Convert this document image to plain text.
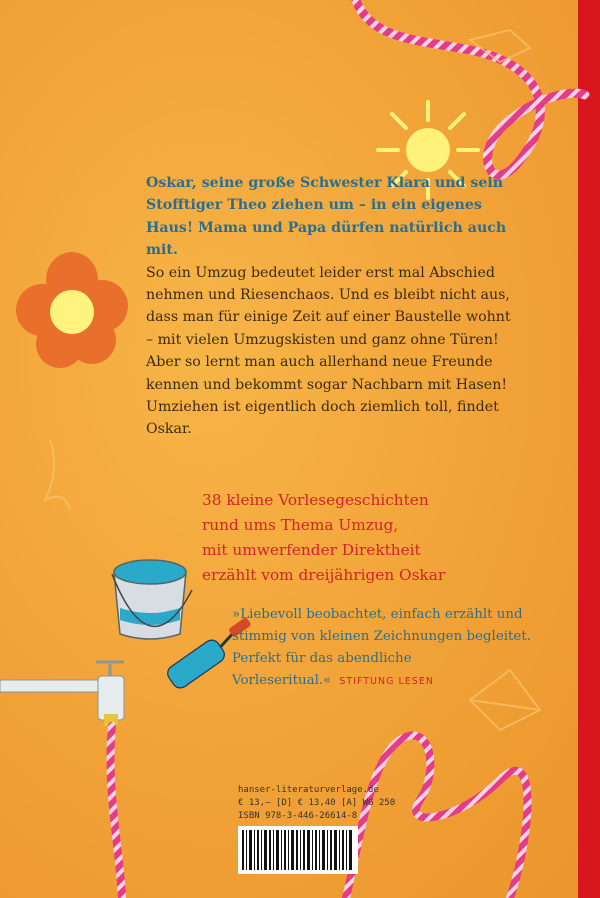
Oskar, seine große Schwester Klara und sein Stofftiger Theo ziehen um – in ein eigenes Haus! Mama und Papa dürfen natürlich auch mit.
So ein Umzug bedeutet leider erst mal Abschied nehmen und Riesenchaos. Und es bleibt nicht aus, dass man für einige Zeit auf einer Baustelle wohnt – mit vielen Umzugskisten und ganz ohne Türen! Aber so lernt man auch allerhand neue Freunde kennen und bekommt sogar Nachbarn mit Hasen! Umziehen ist eigentlich doch ziemlich toll, findet Oskar.
38 kleine Vorlesegeschichten
rund ums Thema Umzug,
mit umwerfender Direktheit
erzählt vom dreijährigen Oskar
»Liebevoll beobachtet, einfach erzählt und stimmig von kleinen Zeichnungen begleitet. Perfekt für das abendliche Vorleseritual.« STIFTUNG LESEN
hanser-literaturverlage.de
€ 13,– [D] € 13,40 [A] WG 250
ISBN 978-3-446-26614-8
